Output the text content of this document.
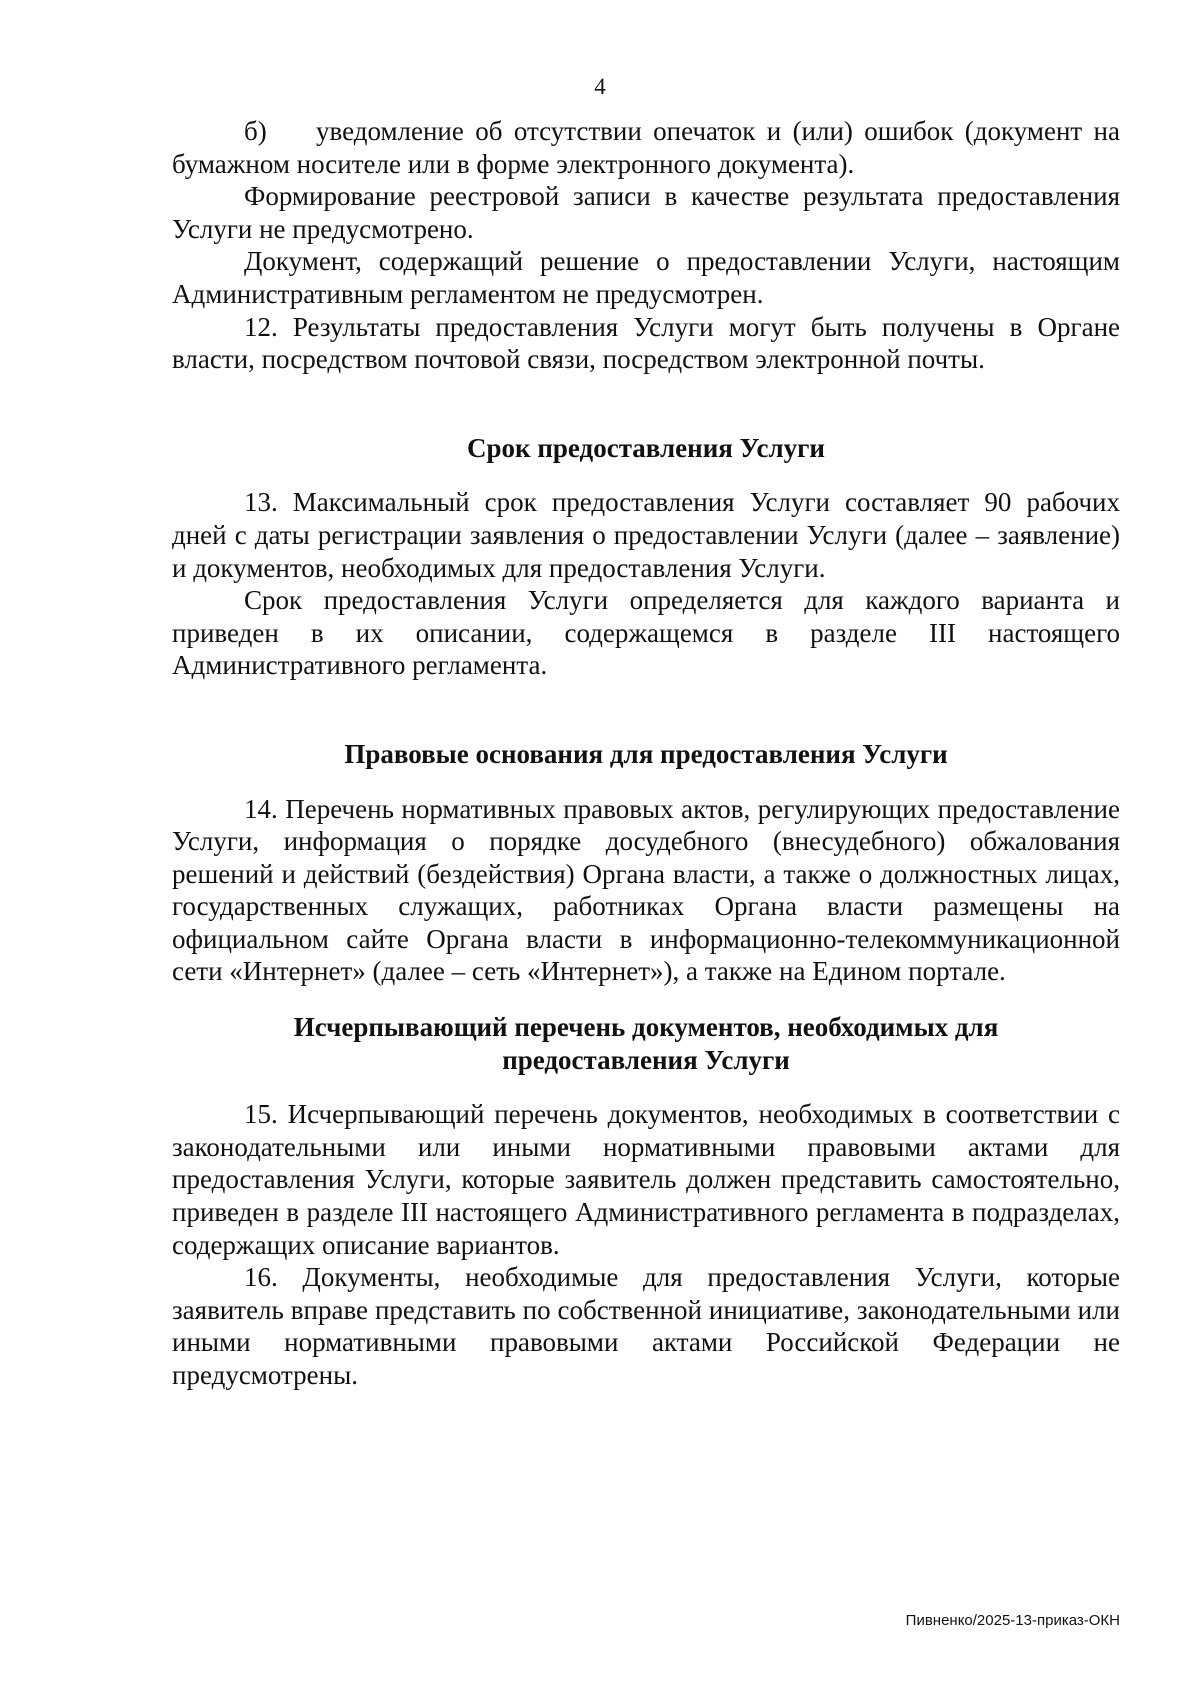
4

б) уведомление об отсутствии опечаток и (или) ошибок (документ на бумажном носителе или в форме электронного документа).

Формирование реестровой записи в качестве результата предоставления Услуги не предусмотрено.

Документ, содержащий решение о предоставлении Услуги, настоящим Административным регламентом не предусмотрен.

12. Результаты предоставления Услуги могут быть получены в Органе власти, посредством почтовой связи, посредством электронной почты.

Срок предоставления Услуги

13. Максимальный срок предоставления Услуги составляет 90 рабочих дней с даты регистрации заявления о предоставлении Услуги (далее – заявление) и документов, необходимых для предоставления Услуги.

Срок предоставления Услуги определяется для каждого варианта и приведен в их описании, содержащемся в разделе III настоящего Административного регламента.

Правовые основания для предоставления Услуги

14. Перечень нормативных правовых актов, регулирующих предоставление Услуги, информация о порядке досудебного (внесудебного) обжалования решений и действий (бездействия) Органа власти, а также о должностных лицах, государственных служащих, работниках Органа власти размещены на официальном сайте Органа власти в информационно-телекоммуникационной сети «Интернет» (далее – сеть «Интернет»), а также на Едином портале.

Исчерпывающий перечень документов, необходимых для
предоставления Услуги

15. Исчерпывающий перечень документов, необходимых в соответствии с законодательными или иными нормативными правовыми актами для предоставления Услуги, которые заявитель должен представить самостоятельно, приведен в разделе III настоящего Административного регламента в подразделах, содержащих описание вариантов.

16. Документы, необходимые для предоставления Услуги, которые заявитель вправе представить по собственной инициативе, законодательными или иными нормативными правовыми актами Российской Федерации не предусмотрены.

Пивненко/2025-13-приказ-ОКН
